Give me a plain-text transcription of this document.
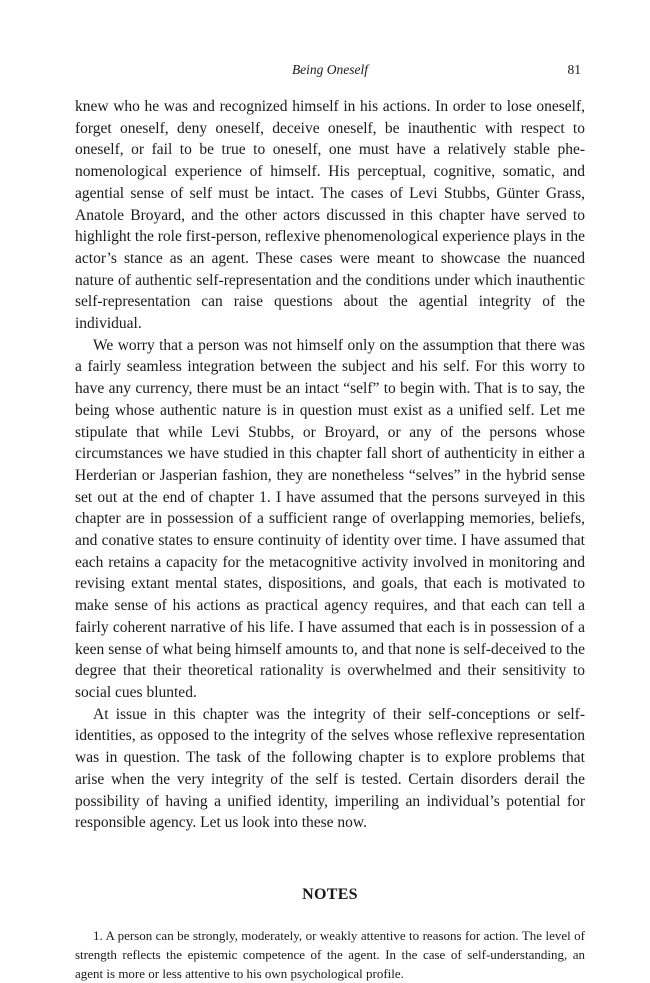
Being Oneself	81

knew who he was and recognized himself in his actions. In order to lose oneself, forget oneself, deny oneself, deceive oneself, be inauthentic with respect to oneself, or fail to be true to oneself, one must have a relatively stable phenomenological experience of himself. His perceptual, cognitive, somatic, and agential sense of self must be intact. The cases of Levi Stubbs, Günter Grass, Anatole Broyard, and the other actors discussed in this chapter have served to highlight the role first-person, reflexive phenomenological experience plays in the actor’s stance as an agent. These cases were meant to showcase the nuanced nature of authentic self-representation and the conditions under which inauthentic self-representation can raise questions about the agential integrity of the individual.

We worry that a person was not himself only on the assumption that there was a fairly seamless integration between the subject and his self. For this worry to have any currency, there must be an intact “self” to begin with. That is to say, the being whose authentic nature is in question must exist as a unified self. Let me stipulate that while Levi Stubbs, or Broyard, or any of the persons whose circumstances we have studied in this chapter fall short of authenticity in either a Herderian or Jasperian fashion, they are nonetheless “selves” in the hybrid sense set out at the end of chapter 1. I have assumed that the persons surveyed in this chapter are in possession of a sufficient range of overlapping memories, beliefs, and conative states to ensure continuity of identity over time. I have assumed that each retains a capacity for the metacognitive activity involved in monitoring and revising extant mental states, dispositions, and goals, that each is motivated to make sense of his actions as practical agency requires, and that each can tell a fairly coherent narrative of his life. I have assumed that each is in possession of a keen sense of what being himself amounts to, and that none is self-deceived to the degree that their theoretical rationality is overwhelmed and their sensitivity to social cues blunted.

At issue in this chapter was the integrity of their self-conceptions or self-identities, as opposed to the integrity of the selves whose reflexive representation was in question. The task of the following chapter is to explore problems that arise when the very integrity of the self is tested. Certain disorders derail the possibility of having a unified identity, imperiling an individual’s potential for responsible agency. Let us look into these now.

NOTES

1. A person can be strongly, moderately, or weakly attentive to reasons for action. The level of strength reflects the epistemic competence of the agent. In the case of self-understanding, an agent is more or less attentive to his own psychological profile.
